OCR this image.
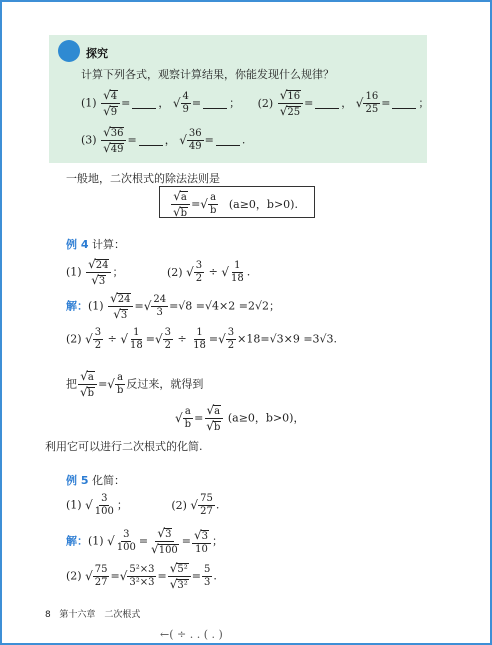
探究
计算下列各式，观察计算结果，你能发现什么规律？
$(1) \frac{√4}{√9}$ =	， √ $\frac{4}{9}$ =	； $(2) \frac{√16}{√25}$ =	， √ $\frac{16}{25}$ =	；
$(3) \frac{√36}{√49}$ =	， √ $\frac{36}{49}$ =	.
一般地，二次根式的除法法则是
$\frac{√a}{√b}$ =√ $\frac{a}{b} (a\ge 0$，b>0).
例 4 计算：
$(1) \frac{√24}{√3}$ ；	(2) √ $\frac{3}{2}$ ÷ √ $\frac{1}{18}$ .
解：$(1) \frac{√24}{√3}$ =√ $\frac{24}{3} =√8 =√4\times 2 =2√2$；
(2) √ $\frac{3}{2}$ ÷ √ $\frac{1}{18}$ =√ $\frac{3}{2} \div \frac{1}{18}$ =√ $\frac{3}{2} \times 18=√3\times 9 =3√3$.
把 $\frac{√a}{√b}$ =√ $\frac{a}{b}$ 反过来，就得到
√ $\frac{a}{b} = \frac{√a}{√b} (a\ge 0$，b>0)，
利用它可以进行二次根式的化简.
例 5 化简：
(1) √ $\frac{3}{100}$ ；	(2) √ $\frac{75}{27}$ .
解：(1) √ $\frac{3}{100} = \frac{√3}{√100} = \frac{√3}{10}$ ；
(2) √ $\frac{75}{27}$ =√ $\frac{\text{5²×3}}{\text{3²×3}} = \frac{\text{√5²}}{\text{√3²}} = \frac{5}{3}$ .
8 第十六章　二次根式
←( ÷ . . ( . )
